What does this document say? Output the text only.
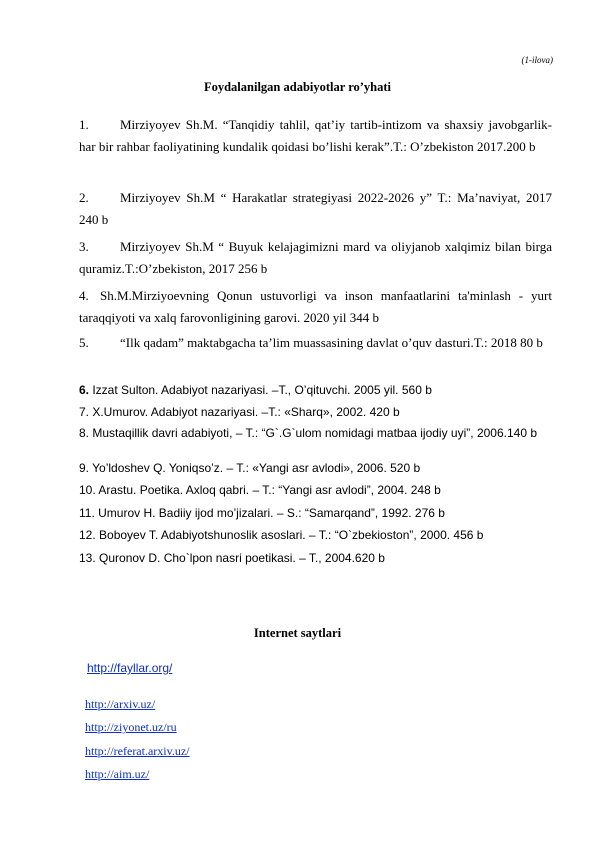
(1-ilova)
Foydalanilgan adabiyotlar ro’yhati
1. Mirziyoyev Sh.M. “Tanqidiy tahlil, qat’iy tartib-intizom va shaxsiy javobgarlik- har bir rahbar faoliyatining kundalik qoidasi bo’lishi kerak”.T.: O’zbekiston 2017.200 b
2. Mirziyoyev Sh.M “ Harakatlar strategiyasi 2022-2026 y” T.: Ma’naviyat, 2017 240 b
3. Mirziyoyev Sh.M “ Buyuk kelajagimizni mard va oliyjanob xalqimiz bilan birga quramiz.T.:O’zbekiston, 2017 256 b
4. Sh.M.Mirziyoevning Qonun ustuvorligi va inson manfaatlarini ta'minlash - yurt taraqqiyoti va xalq farovonligining garovi. 2020 yil 344 b
5. “Ilk qadam” maktabgacha ta’lim muassasining davlat o’quv dasturi.T.: 2018 80 b
6. Izzat Sulton. Adabiyot nazariyasi. –T., O’qituvchi. 2005 yil. 560 b
7. X.Umurov. Adabiyot nazariyasi. –T.: «Sharq», 2002. 420 b
8. Mustaqillik davri adabiyoti, – T.: “G`.G`ulom nomidagi matbaa ijodiy uyi”, 2006.140 b
9. Yo’ldoshev Q. Yoniqso’z. – T.: «Yangi asr avlodi», 2006. 520 b
10. Arastu. Poetika. Axloq qabri. – T.: “Yangi asr avlodi”, 2004. 248 b
11. Umurov H. Badiiy ijod mo’jizalari. – S.: “Samarqand”, 1992. 276 b
12. Boboyev T. Adabiyotshunoslik asoslari. – T.: “O`zbekioston”, 2000. 456 b
13. Quronov D. Cho`lpon nasri poetikasi. – T., 2004.620 b
Internet saytlari
http://fayllar.org/
http://arxiv.uz/
http://ziyonet.uz/ru
http://referat.arxiv.uz/
http://aim.uz/
